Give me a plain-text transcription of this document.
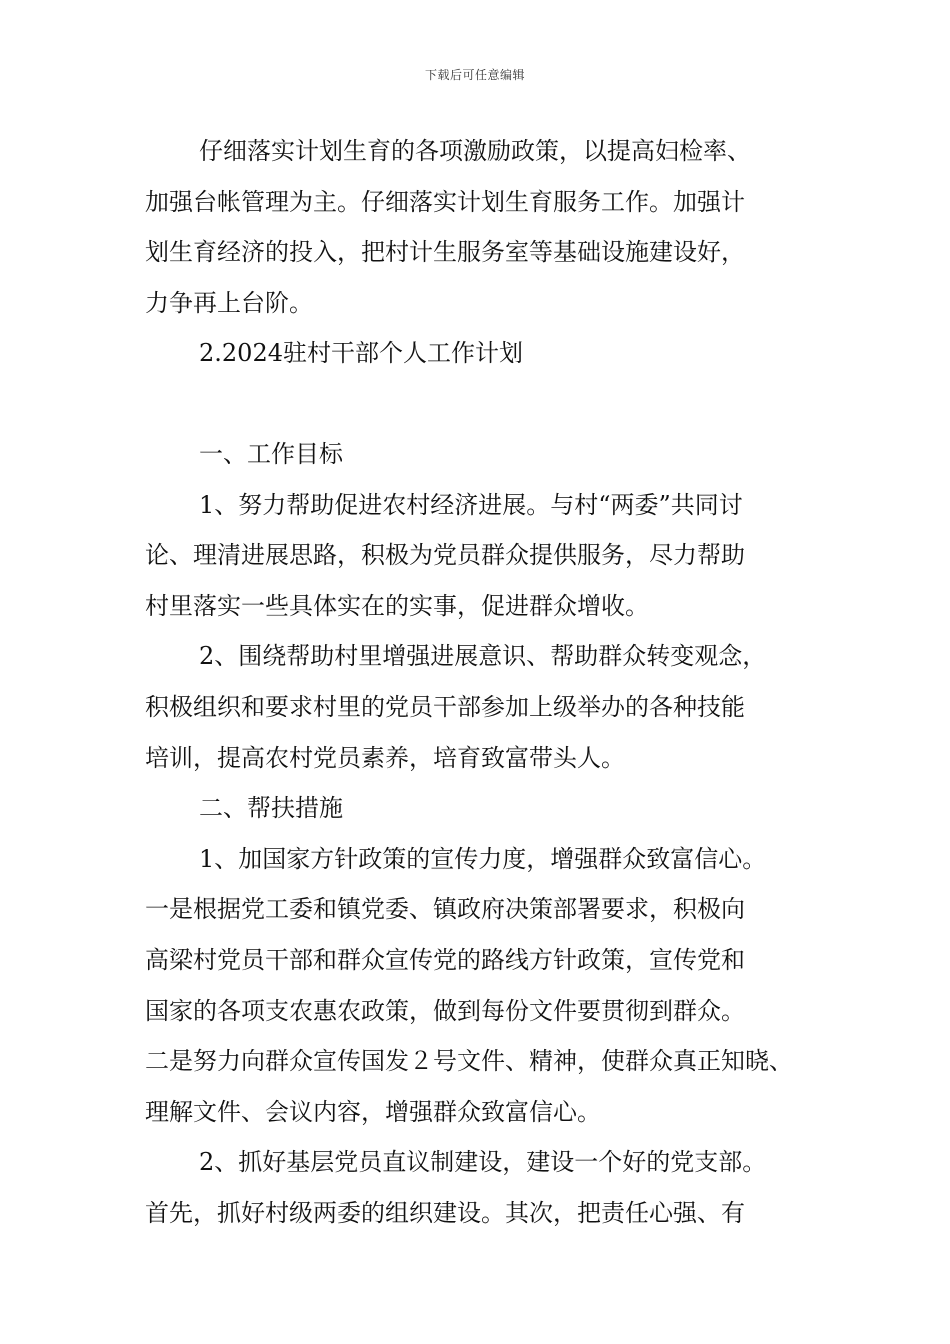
下载后可任意编辑

仔细落实计划生育的各项激励政策，以提高妇检率、

加强台帐管理为主。仔细落实计划生育服务工作。加强计

划生育经济的投入，把村计生服务室等基础设施建设好，

力争再上台阶。

2.2024驻村干部个人工作计划

一、工作目标

1、努力帮助促进农村经济进展。与村“两委”共同讨

论、理清进展思路，积极为党员群众提供服务，尽力帮助

村里落实一些具体实在的实事，促进群众增收。

2、围绕帮助村里增强进展意识、帮助群众转变观念，

积极组织和要求村里的党员干部参加上级举办的各种技能

培训，提高农村党员素养，培育致富带头人。

二、帮扶措施

1、加国家方针政策的宣传力度，增强群众致富信心。

一是根据党工委和镇党委、镇政府决策部署要求，积极向

高梁村党员干部和群众宣传党的路线方针政策，宣传党和

国家的各项支农惠农政策，做到每份文件要贯彻到群众。

二是努力向群众宣传国发２号文件、精神，使群众真正知晓、

理解文件、会议内容，增强群众致富信心。

2、抓好基层党员直议制建设，建设一个好的党支部。

首先，抓好村级两委的组织建设。其次，把责任心强、有
